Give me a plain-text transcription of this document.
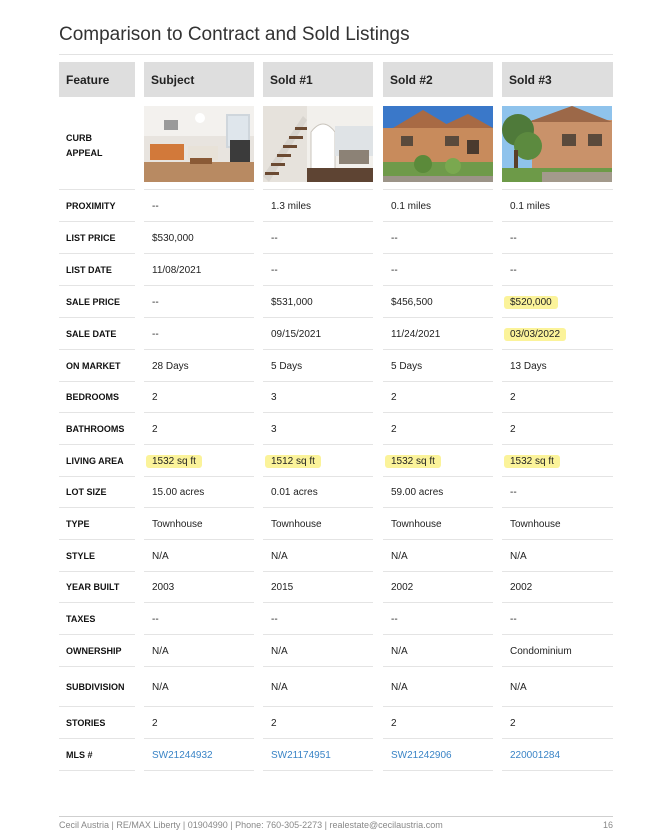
Comparison to Contract and Sold Listings
Feature	Subject	Sold #1	Sold #2	Sold #3
CURB APPEAL
PROXIMITY	--	1.3 miles	0.1 miles	0.1 miles
LIST PRICE	$530,000	--	--	--
LIST DATE	11/08/2021	--	--	--
SALE PRICE	--	$531,000	$456,500	$520,000
SALE DATE	--	09/15/2021	11/24/2021	03/03/2022
ON MARKET	28 Days	5 Days	5 Days	13 Days
BEDROOMS	2	3	2	2
BATHROOMS	2	3	2	2
LIVING AREA	1532 sq ft	1512 sq ft	1532 sq ft	1532 sq ft
LOT SIZE	15.00 acres	0.01 acres	59.00 acres	--
TYPE	Townhouse	Townhouse	Townhouse	Townhouse
STYLE	N/A	N/A	N/A	N/A
YEAR BUILT	2003	2015	2002	2002
TAXES	--	--	--	--
OWNERSHIP	N/A	N/A	N/A	Condominium
SUBDIVISION	N/A	N/A	N/A	N/A
STORIES	2	2	2	2
MLS #	SW21244932	SW21174951	SW21242906	220001284
Cecil Austria | RE/MAX Liberty | 01904990 | Phone: 760-305-2273 | realestate@cecilaustria.com	16
